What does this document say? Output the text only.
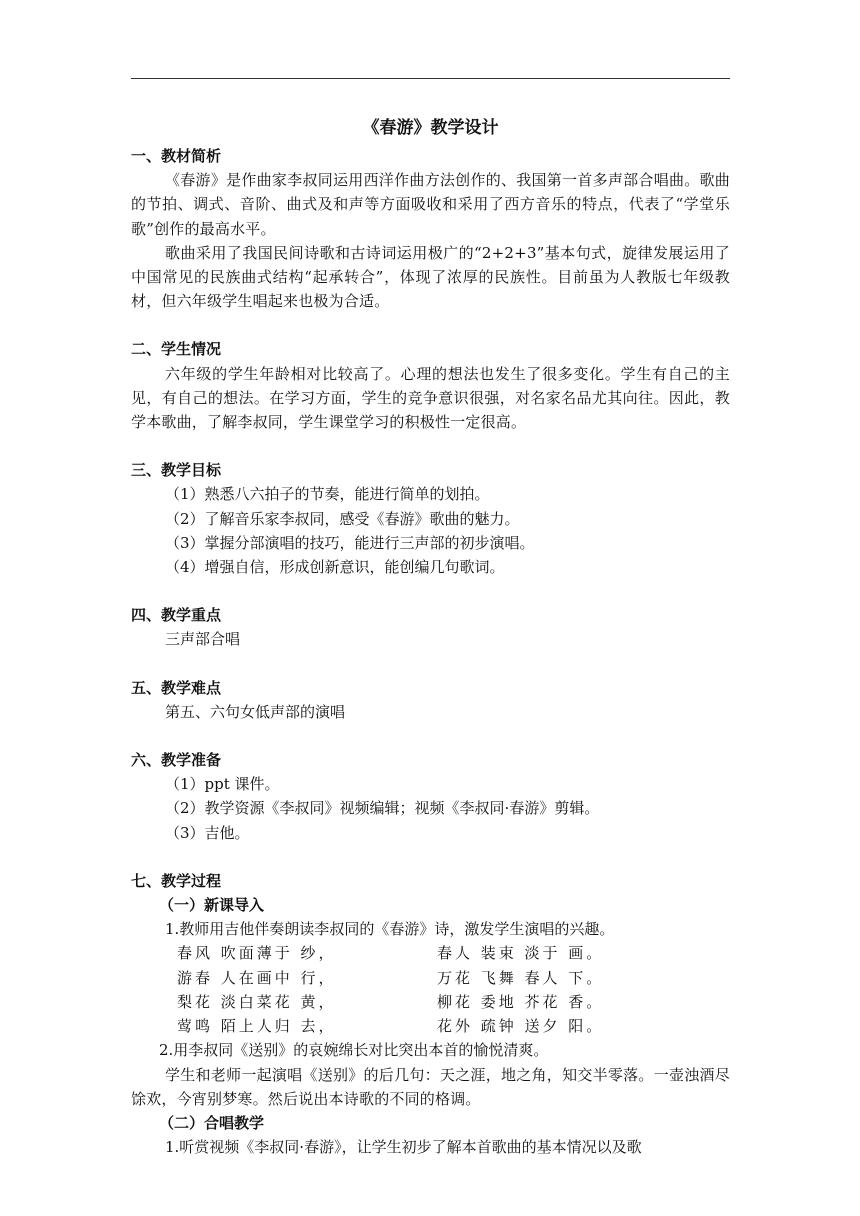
《春游》教学设计
一、教材简析

《春游》是作曲家李叔同运用西洋作曲方法创作的、我国第一首多声部合唱曲。歌曲的节拍、调式、音阶、曲式及和声等方面吸收和采用了西方音乐的特点，代表了“学堂乐歌”创作的最高水平。

歌曲采用了我国民间诗歌和古诗词运用极广的“2+2+3”基本句式，旋律发展运用了中国常见的民族曲式结构“起承转合”，体现了浓厚的民族性。目前虽为人教版七年级教材，但六年级学生唱起来也极为合适。

二、学生情况

六年级的学生年龄相对比较高了。心理的想法也发生了很多变化。学生有自己的主见，有自己的想法。在学习方面，学生的竞争意识很强，对名家名品尤其向往。因此，教学本歌曲，了解李叔同，学生课堂学习的积极性一定很高。

三、教学目标

（1）熟悉八六拍子的节奏，能进行简单的划拍。

（2）了解音乐家李叔同，感受《春游》歌曲的魅力。

（3）掌握分部演唱的技巧，能进行三声部的初步演唱。

（4）增强自信，形成创新意识，能创编几句歌词。

四、教学重点

三声部合唱

五、教学难点

第五、六句女低声部的演唱

六、教学准备

（1）ppt 课件。

（2）教学资源《李叔同》视频编辑；视频《李叔同·春游》剪辑。

（3）吉他。

七、教学过程
（一）新课导入

1.教师用吉他伴奏朗读李叔同的《春游》诗，激发学生演唱的兴趣。

春风 吹面薄于 纱，	春人 装束 淡于 画。
游春 人在画中 行，	万花 飞舞 春人 下。
梨花 淡白菜花 黄，	柳花 委地 芥花 香。
莺鸣 陌上人归 去，	花外 疏钟 送夕 阳。

2.用李叔同《送别》的哀婉绵长对比突出本首的愉悦清爽。

学生和老师一起演唱《送别》的后几句：天之涯，地之角，知交半零落。一壶浊酒尽馀欢，今宵别梦寒。然后说出本诗歌的不同的格调。

（二）合唱教学

1.听赏视频《李叔同·春游》，让学生初步了解本首歌曲的基本情况以及歌
